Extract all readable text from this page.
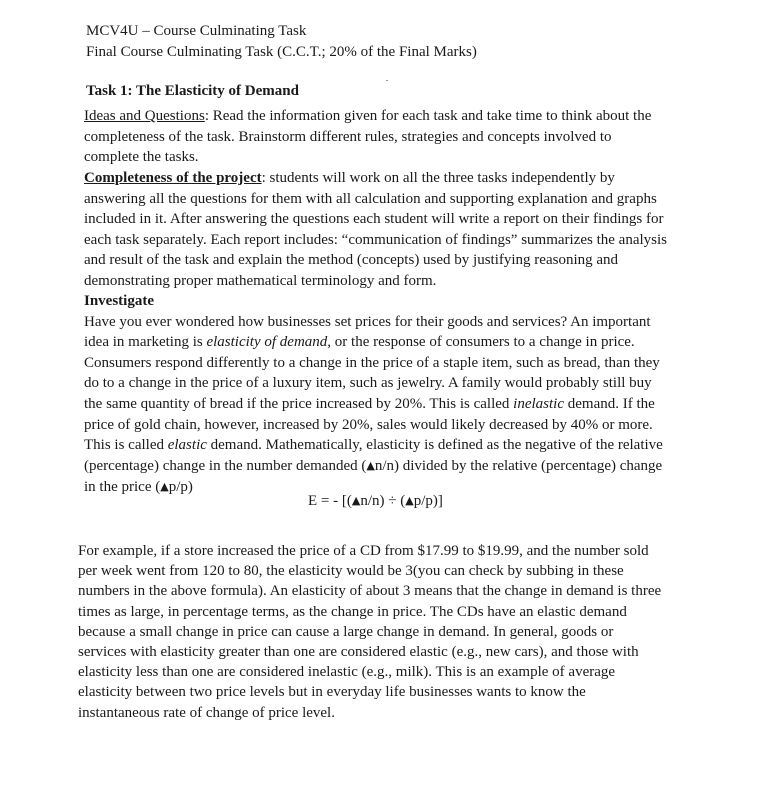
MCV4U – Course Culminating Task
Final Course Culminating Task (C.C.T.; 20% of the Final Marks)
Task 1: The Elasticity of Demand
Ideas and Questions: Read the information given for each task and take time to think about the
completeness of the task. Brainstorm different rules, strategies and concepts involved to
complete the tasks.
Completeness of the project: students will work on all the three tasks independently by
answering all the questions for them with all calculation and supporting explanation and graphs
included in it. After answering the questions each student will write a report on their findings for
each task separately. Each report includes: “communication of findings” summarizes the analysis
and result of the task and explain the method (concepts) used by justifying reasoning and
demonstrating proper mathematical terminology and form.
Investigate
Have you ever wondered how businesses set prices for their goods and services? An important
idea in marketing is elasticity of demand, or the response of consumers to a change in price.
Consumers respond differently to a change in the price of a staple item, such as bread, than they
do to a change in the price of a luxury item, such as jewelry. A family would probably still buy
the same quantity of bread if the price increased by 20%. This is called inelastic demand. If the
price of gold chain, however, increased by 20%, sales would likely decreased by 40% or more.
This is called elastic demand. Mathematically, elasticity is defined as the negative of the relative
(percentage) change in the number demanded (▲n/n) divided by the relative (percentage) change
in the price (▲p/p)
E = - [(▲n/n) ÷ (▲p/p)]
For example, if a store increased the price of a CD from $17.99 to $19.99, and the number sold
per week went from 120 to 80, the elasticity would be 3(you can check by subbing in these
numbers in the above formula). An elasticity of about 3 means that the change in demand is three
times as large, in percentage terms, as the change in price. The CDs have an elastic demand
because a small change in price can cause a large change in demand. In general, goods or
services with elasticity greater than one are considered elastic (e.g., new cars), and those with
elasticity less than one are considered inelastic (e.g., milk). This is an example of average
elasticity between two price levels but in everyday life businesses wants to know the
instantaneous rate of change of price level.
